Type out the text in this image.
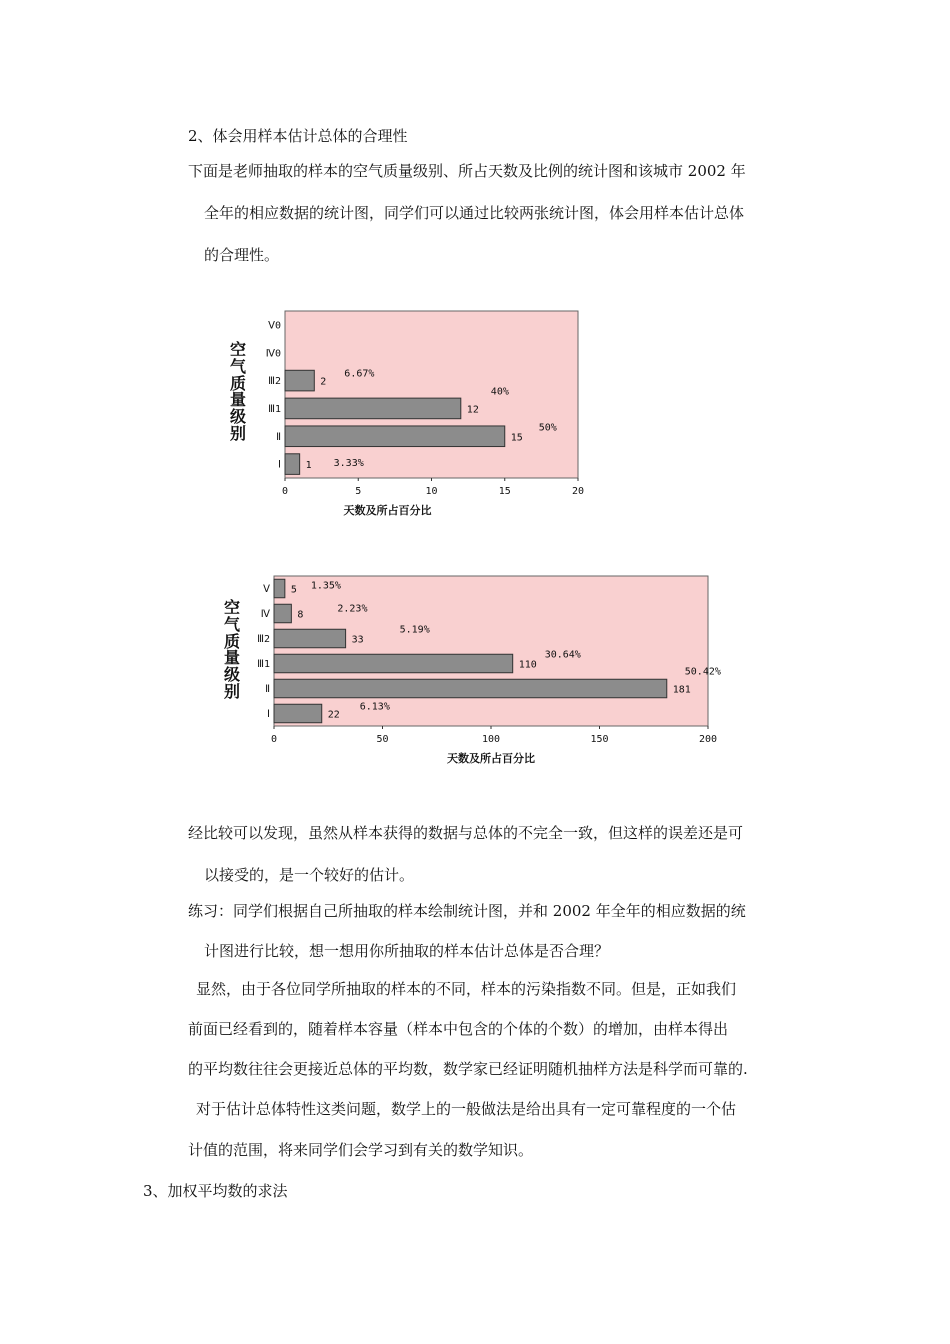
2、体会用样本估计总体的合理性
下面是老师抽取的样本的空气质量级别、所占天数及比例的统计图和该城市 2002 年
全年的相应数据的统计图，同学们可以通过比较两张统计图，体会用样本估计总体
的合理性。
空气质量级别
Ⅴ0
Ⅳ0
Ⅲ2	2
6.67%
Ⅲ1	12
40%
Ⅱ	15
50%
Ⅰ 1 3.33%
0	5	10	15	20
天数及所占百分比
空气质量级别
Ⅴ 5 1.35%
Ⅳ	8
2.23%
Ⅲ2	33
5.19%
Ⅲ1	110
30.64%
Ⅱ	181
50.42%
Ⅰ	22
6.13%
0	50	100	150	200
天数及所占百分比
经比较可以发现，虽然从样本获得的数据与总体的不完全一致，但这样的误差还是可
以接受的，是一个较好的估计。
练习：同学们根据自己所抽取的样本绘制统计图，并和 2002 年全年的相应数据的统
计图进行比较，想一想用你所抽取的样本估计总体是否合理？
显然，由于各位同学所抽取的样本的不同，样本的污染指数不同。但是，正如我们
前面已经看到的，随着样本容量（样本中包含的个体的个数）的增加，由样本得出
的平均数往往会更接近总体的平均数，数学家已经证明随机抽样方法是科学而可靠的.
对于估计总体特性这类问题，数学上的一般做法是给出具有一定可靠程度的一个估
计值的范围，将来同学们会学习到有关的数学知识。
3、加权平均数的求法
